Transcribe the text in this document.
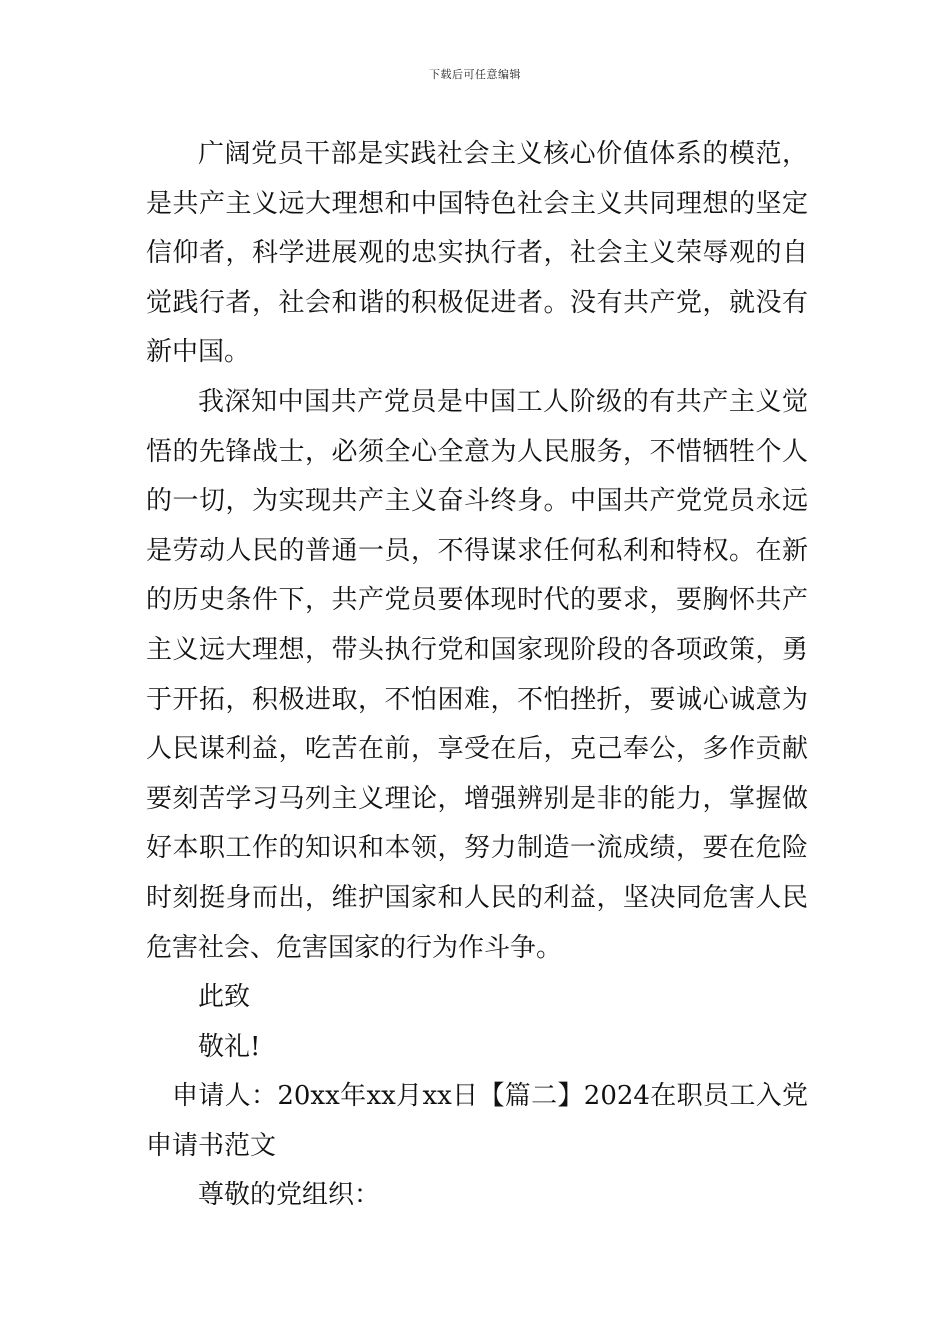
下载后可任意编辑

广阔党员干部是实践社会主义核心价值体系的模范，是共产主义远大理想和中国特色社会主义共同理想的坚定信仰者，科学进展观的忠实执行者，社会主义荣辱观的自觉践行者，社会和谐的积极促进者。没有共产党，就没有新中国。

我深知中国共产党员是中国工人阶级的有共产主义觉悟的先锋战士，必须全心全意为人民服务，不惜牺牲个人的一切，为实现共产主义奋斗终身。中国共产党党员永远是劳动人民的普通一员，不得谋求任何私利和特权。在新的历史条件下，共产党员要体现时代的要求，要胸怀共产主义远大理想，带头执行党和国家现阶段的各项政策，勇于开拓，积极进取，不怕困难，不怕挫折，要诚心诚意为人民谋利益，吃苦在前，享受在后，克己奉公，多作贡献要刻苦学习马列主义理论，增强辨别是非的能力，掌握做好本职工作的知识和本领，努力制造一流成绩，要在危险时刻挺身而出，维护国家和人民的利益，坚决同危害人民危害社会、危害国家的行为作斗争。

此致

敬礼!

申请人：20xx年xx月xx日【篇二】2024在职员工入党申请书范文

尊敬的党组织：
